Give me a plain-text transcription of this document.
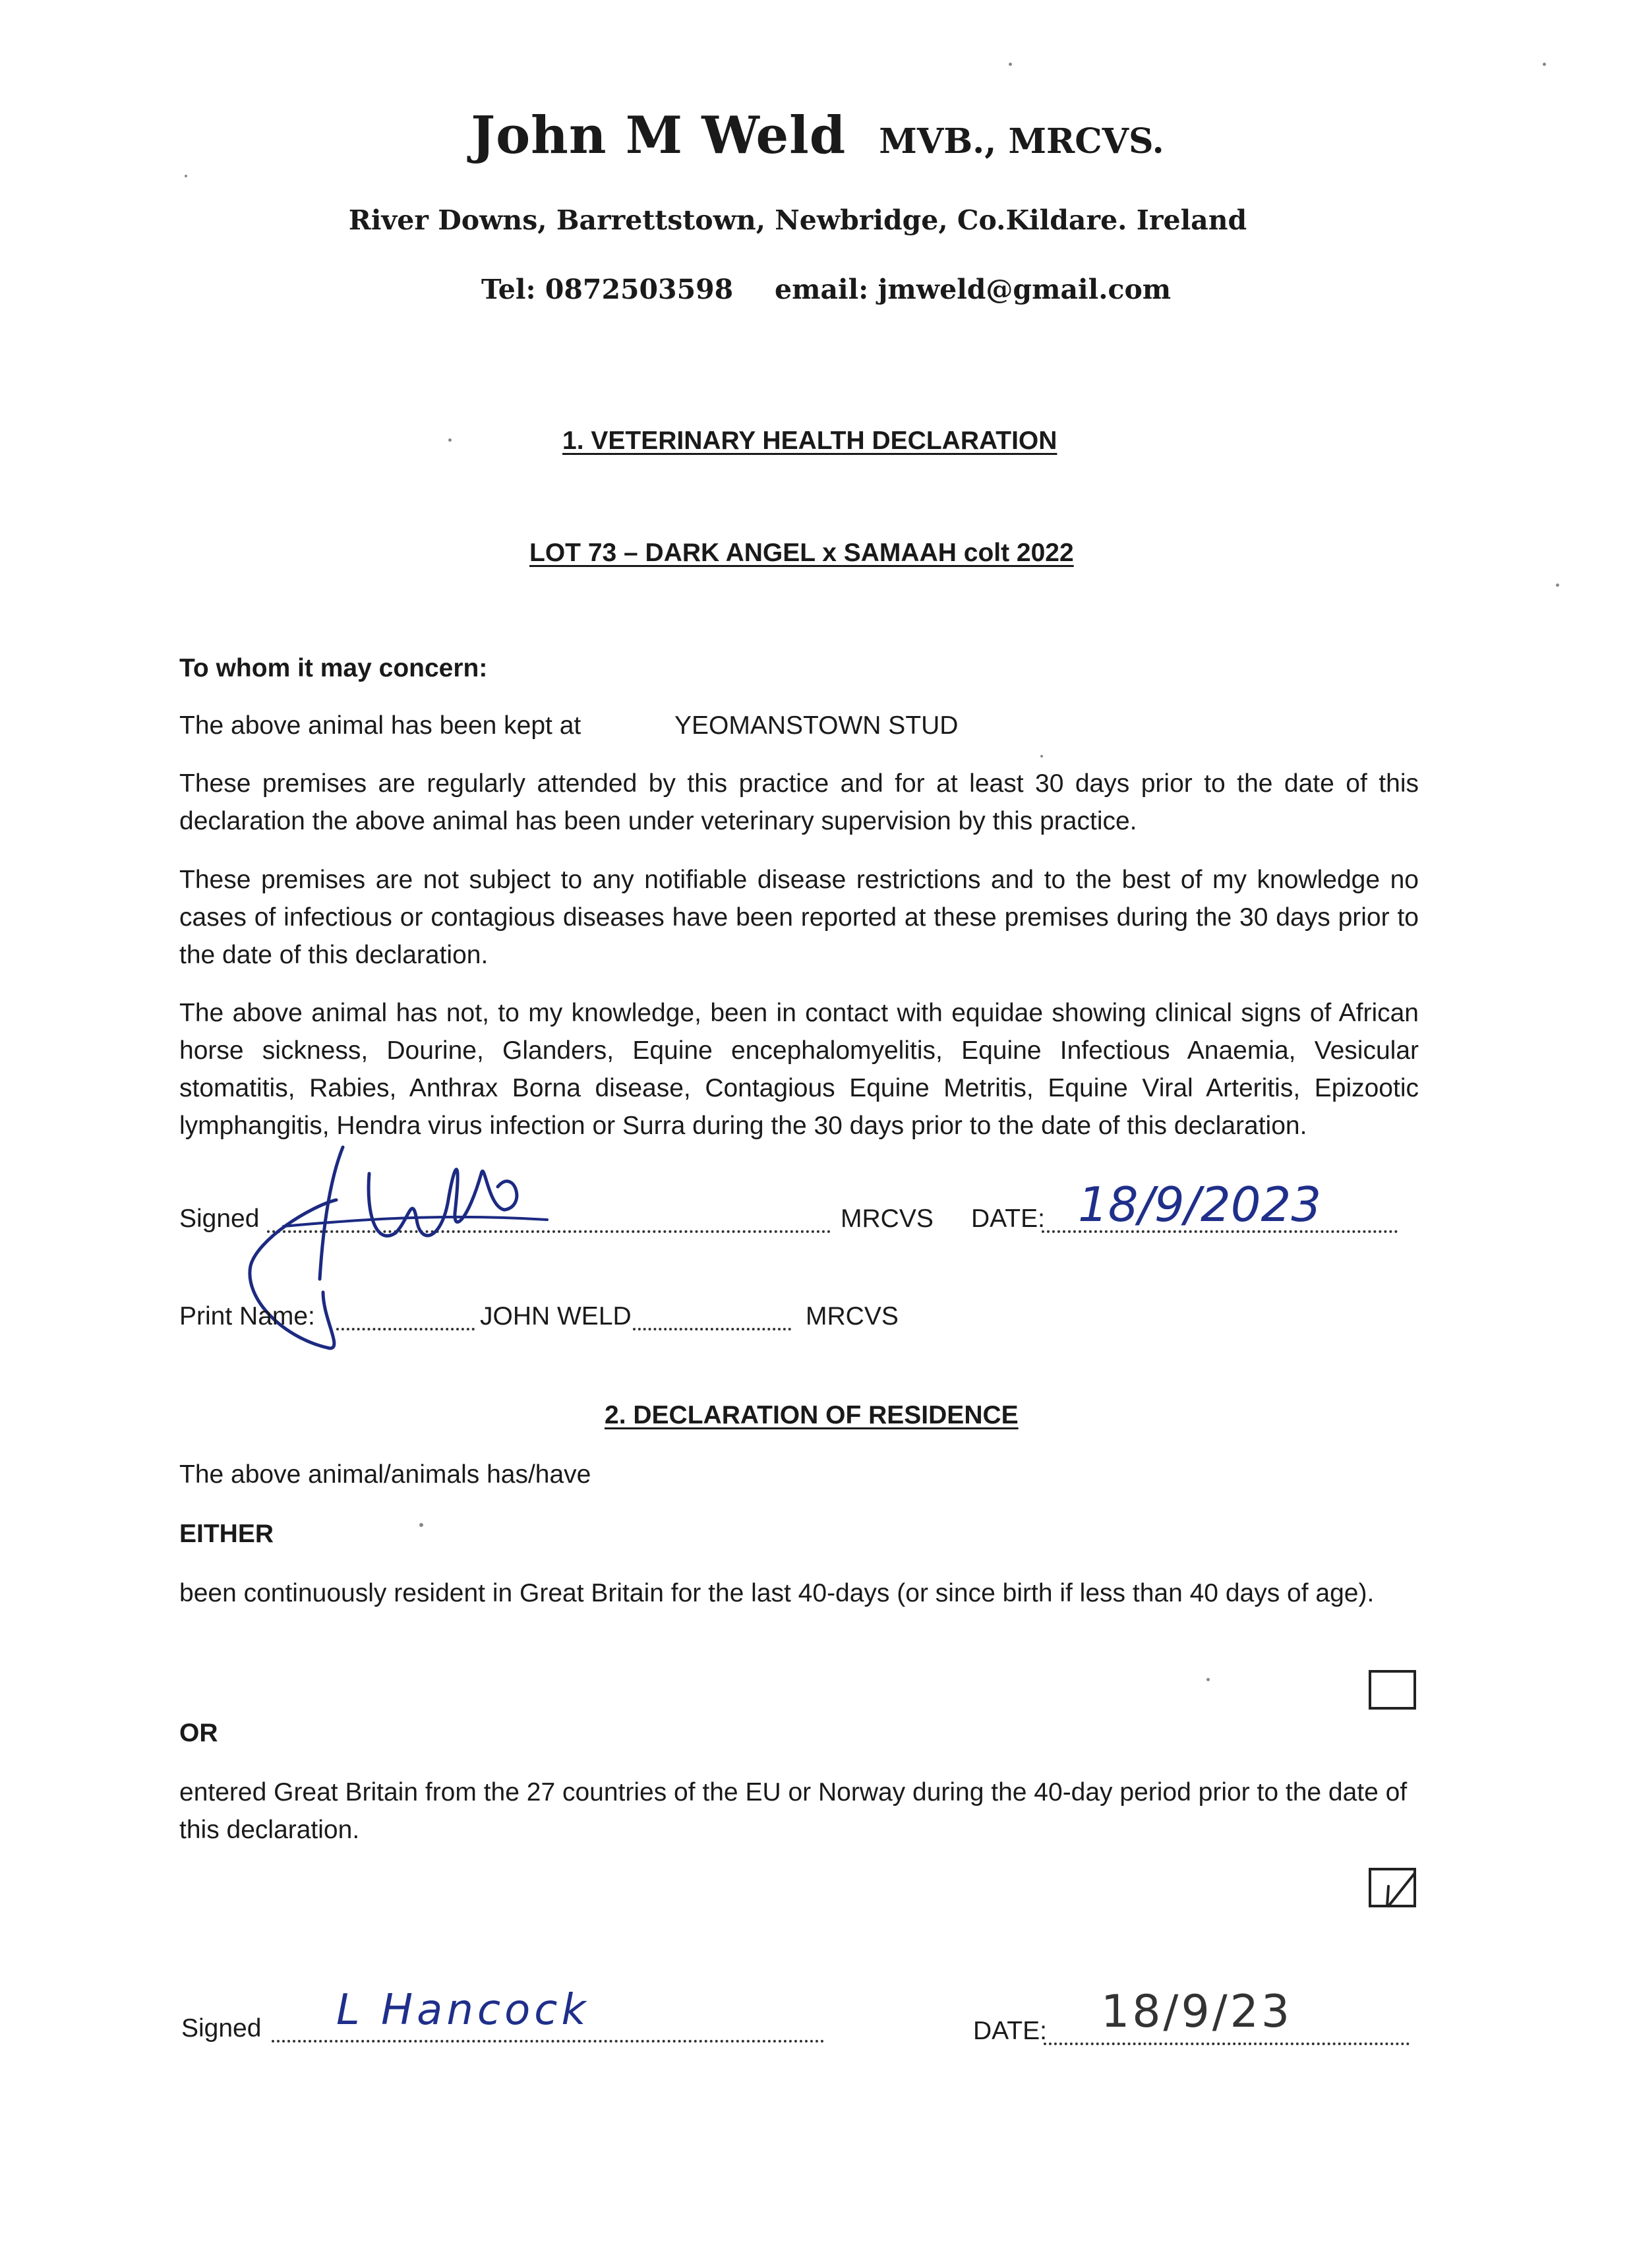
John M Weld MVB., MRCVS.
River Downs, Barrettstown, Newbridge, Co.Kildare. Ireland
Tel: 0872503598 email: jmweld@gmail.com
1. VETERINARY HEALTH DECLARATION
LOT 73 – DARK ANGEL x SAMAAH colt 2022
To whom it may concern:
The above animal has been kept at	YEOMANSTOWN STUD
These premises are regularly attended by this practice and for at least 30 days prior to the date of this declaration the above animal has been under veterinary supervision by this practice.
These premises are not subject to any notifiable disease restrictions and to the best of my knowledge no cases of infectious or contagious diseases have been reported at these premises during the 30 days prior to the date of this declaration.
The above animal has not, to my knowledge, been in contact with equidae showing clinical signs of African horse sickness, Dourine, Glanders, Equine encephalomyelitis, Equine Infectious Anaemia, Vesicular stomatitis, Rabies, Anthrax Borna disease, Contagious Equine Metritis, Equine Viral Arteritis, Epizootic lymphangitis, Hendra virus infection or Surra during the 30 days prior to the date of this declaration.
Signed	MRCVS DATE: 18/9/2023
Print Name:	JOHN WELD	MRCVS
2. DECLARATION OF RESIDENCE
The above animal/animals has/have
EITHER
been continuously resident in Great Britain for the last 40-days (or since birth if less than 40 days of age).
OR
entered Great Britain from the 27 countries of the EU or Norway during the 40-day period prior to the date of this declaration.
Signed L Hancock	DATE: 18/9/23
